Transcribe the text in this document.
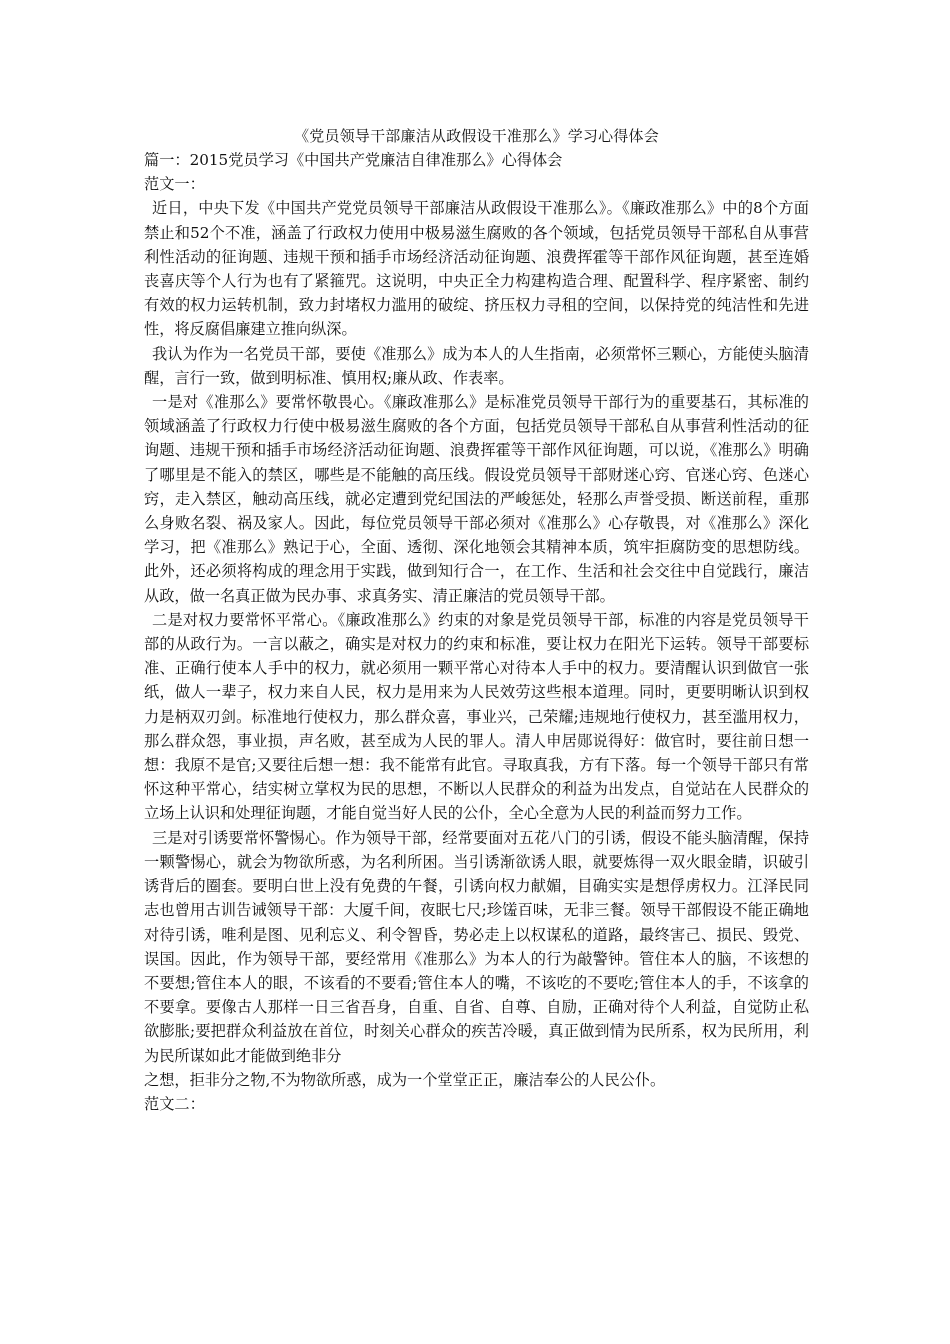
《党员领导干部廉洁从政假设干准那么》学习心得体会

篇一：2015党员学习《中国共产党廉洁自律准那么》心得体会

范文一：

近日，中央下发《中国共产党党员领导干部廉洁从政假设干准那么》。《廉政准那么》中的8个方面禁止和52个不准，涵盖了行政权力使用中极易滋生腐败的各个领域，包括党员领导干部私自从事营利性活动的征询题、违规干预和插手市场经济活动征询题、浪费挥霍等干部作风征询题，甚至连婚丧喜庆等个人行为也有了紧箍咒。这说明，中央正全力构建构造合理、配置科学、程序紧密、制约有效的权力运转机制，致力封堵权力滥用的破绽、挤压权力寻租的空间，以保持党的纯洁性和先进性，将反腐倡廉建立推向纵深。

我认为作为一名党员干部，要使《准那么》成为本人的人生指南，必须常怀三颗心，方能使头脑清醒，言行一致，做到明标准、慎用权;廉从政、作表率。

一是对《准那么》要常怀敬畏心。《廉政准那么》是标准党员领导干部行为的重要基石，其标准的领域涵盖了行政权力行使中极易滋生腐败的各个方面，包括党员领导干部私自从事营利性活动的征询题、违规干预和插手市场经济活动征询题、浪费挥霍等干部作风征询题，可以说，《准那么》明确了哪里是不能入的禁区，哪些是不能触的高压线。假设党员领导干部财迷心窍、官迷心窍、色迷心窍，走入禁区，触动高压线，就必定遭到党纪国法的严峻惩处，轻那么声誉受损、断送前程，重那么身败名裂、祸及家人。因此，每位党员领导干部必须对《准那么》心存敬畏，对《准那么》深化学习，把《准那么》熟记于心，全面、透彻、深化地领会其精神本质，筑牢拒腐防变的思想防线。此外，还必须将构成的理念用于实践，做到知行合一，在工作、生活和社会交往中自觉践行，廉洁从政，做一名真正做为民办事、求真务实、清正廉洁的党员领导干部。

二是对权力要常怀平常心。《廉政准那么》约束的对象是党员领导干部，标准的内容是党员领导干部的从政行为。一言以蔽之，确实是对权力的约束和标准，要让权力在阳光下运转。领导干部要标准、正确行使本人手中的权力，就必须用一颗平常心对待本人手中的权力。要清醒认识到做官一张纸，做人一辈子，权力来自人民，权力是用来为人民效劳这些根本道理。同时，更要明晰认识到权力是柄双刃剑。标准地行使权力，那么群众喜，事业兴，己荣耀;违规地行使权力，甚至滥用权力，那么群众怨，事业损，声名败，甚至成为人民的罪人。清人申居郧说得好：做官时，要往前日想一想：我原不是官;又要往后想一想：我不能常有此官。寻取真我，方有下落。每一个领导干部只有常怀这种平常心，结实树立掌权为民的思想，不断以人民群众的利益为出发点，自觉站在人民群众的立场上认识和处理征询题，才能自觉当好人民的公仆，全心全意为人民的利益而努力工作。

三是对引诱要常怀警惕心。作为领导干部，经常要面对五花八门的引诱，假设不能头脑清醒，保持一颗警惕心，就会为物欲所惑，为名利所困。当引诱渐欲诱人眼，就要炼得一双火眼金睛，识破引诱背后的圈套。要明白世上没有免费的午餐，引诱向权力献媚，目确实实是想俘虏权力。江泽民同志也曾用古训告诫领导干部：大厦千间，夜眠七尺;珍馐百味，无非三餐。领导干部假设不能正确地对待引诱，唯利是图、见利忘义、利令智昏，势必走上以权谋私的道路，最终害己、损民、毁党、误国。因此，作为领导干部，要经常用《准那么》为本人的行为敲警钟。管住本人的脑，不该想的不要想;管住本人的眼，不该看的不要看;管住本人的嘴，不该吃的不要吃;管住本人的手，不该拿的不要拿。要像古人那样一日三省吾身，自重、自省、自尊、自励，正确对待个人利益，自觉防止私欲膨胀;要把群众利益放在首位，时刻关心群众的疾苦冷暖，真正做到情为民所系，权为民所用，利为民所谋如此才能做到绝非分

之想，拒非分之物,不为物欲所惑，成为一个堂堂正正，廉洁奉公的人民公仆。

范文二：
